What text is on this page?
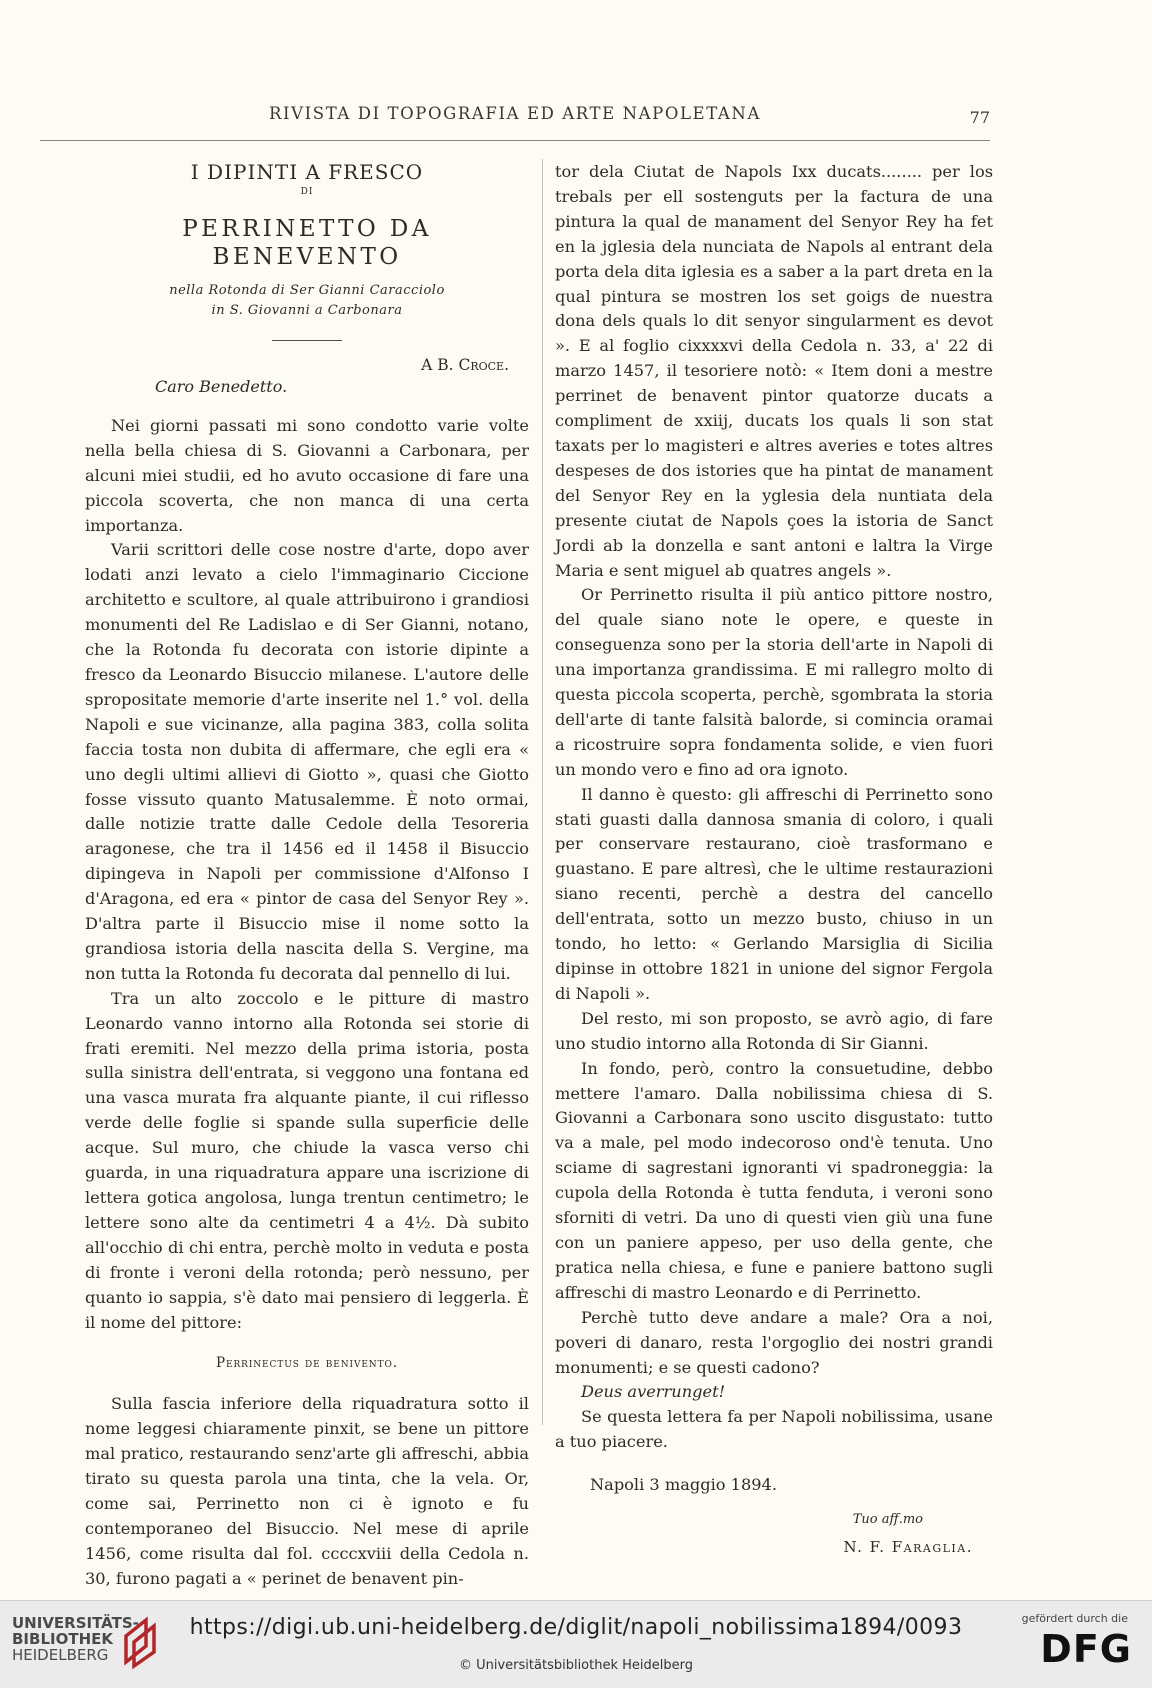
RIVISTA DI TOPOGRAFIA ED ARTE NAPOLETANA	77
I DIPINTI A FRESCO
DI
PERRINETTO DA BENEVENTO
nella Rotonda di Ser Gianni Caracciolo
in S. Giovanni a Carbonara

A B. Croce.

Caro Benedetto.

Nei giorni passati mi sono condotto varie volte nella bella chiesa di S. Giovanni a Carbonara, per alcuni miei studii, ed ho avuto occasione di fare una piccola scoverta, che non manca di una certa importanza.

Varii scrittori delle cose nostre d'arte, dopo aver lodati anzi levato a cielo l'immaginario Ciccione architetto e scultore, al quale attribuirono i grandiosi monumenti del Re Ladislao e di Ser Gianni, notano, che la Rotonda fu decorata con istorie dipinte a fresco da Leonardo Bisuccio milanese. L'autore delle spropositate memorie d'arte inserite nel 1.° vol. della Napoli e sue vicinanze, alla pagina 383, colla solita faccia tosta non dubita di affermare, che egli era « uno degli ultimi allievi di Giotto », quasi che Giotto fosse vissuto quanto Matusalemme. È noto ormai, dalle notizie tratte dalle Cedole della Tesoreria aragonese, che tra il 1456 ed il 1458 il Bisuccio dipingeva in Napoli per commissione d'Alfonso I d'Aragona, ed era « pintor de casa del Senyor Rey ». D'altra parte il Bisuccio mise il nome sotto la grandiosa istoria della nascita della S. Vergine, ma non tutta la Rotonda fu decorata dal pennello di lui.

Tra un alto zoccolo e le pitture di mastro Leonardo vanno intorno alla Rotonda sei storie di frati eremiti. Nel mezzo della prima istoria, posta sulla sinistra dell'entrata, si veggono una fontana ed una vasca murata fra alquante piante, il cui riflesso verde delle foglie si spande sulla superficie delle acque. Sul muro, che chiude la vasca verso chi guarda, in una riquadratura appare una iscrizione di lettera gotica angolosa, lunga trentun centimetro; le lettere sono alte da centimetri 4 a 4½. Dà subito all'occhio di chi entra, perchè molto in veduta e posta di fronte i veroni della rotonda; però nessuno, per quanto io sappia, s'è dato mai pensiero di leggerla. È il nome del pittore:

Perrinectus de benivento.

Sulla fascia inferiore della riquadratura sotto il nome leggesi chiaramente pinxit, se bene un pittore mal pratico, restaurando senz'arte gli affreschi, abbia tirato su questa parola una tinta, che la vela. Or, come sai, Perrinetto non ci è ignoto e fu contemporaneo del Bisuccio. Nel mese di aprile 1456, come risulta dal fol. ccccxviii della Cedola n. 30, furono pagati a « perinet de benavent pin-

tor dela Ciutat de Napols Ixx ducats........ per los trebals per ell sostenguts per la factura de una pintura la qual de manament del Senyor Rey ha fet en la jglesia dela nunciata de Napols al entrant dela porta dela dita iglesia es a saber a la part dreta en la qual pintura se mostren los set goigs de nuestra dona dels quals lo dit senyor singularment es devot ». E al foglio cixxxxvi della Cedola n. 33, a' 22 di marzo 1457, il tesoriere notò: « Item doni a mestre perrinet de benavent pintor quatorze ducats a compliment de xxiij, ducats los quals li son stat taxats per lo magisteri e altres averies e totes altres despeses de dos istories que ha pintat de manament del Senyor Rey en la yglesia dela nuntiata dela presente ciutat de Napols çoes la istoria de Sanct Jordi ab la donzella e sant antoni e laltra la Virge Maria e sent miguel ab quatres angels ».

Or Perrinetto risulta il più antico pittore nostro, del quale siano note le opere, e queste in conseguenza sono per la storia dell'arte in Napoli di una importanza grandissima. E mi rallegro molto di questa piccola scoperta, perchè, sgombrata la storia dell'arte di tante falsità balorde, si comincia oramai a ricostruire sopra fondamenta solide, e vien fuori un mondo vero e fino ad ora ignoto.

Il danno è questo: gli affreschi di Perrinetto sono stati guasti dalla dannosa smania di coloro, i quali per conservare restaurano, cioè trasformano e guastano. E pare altresì, che le ultime restaurazioni siano recenti, perchè a destra del cancello dell'entrata, sotto un mezzo busto, chiuso in un tondo, ho letto: « Gerlando Marsiglia di Sicilia dipinse in ottobre 1821 in unione del signor Fergola di Napoli ».

Del resto, mi son proposto, se avrò agio, di fare uno studio intorno alla Rotonda di Sir Gianni.

In fondo, però, contro la consuetudine, debbo mettere l'amaro. Dalla nobilissima chiesa di S. Giovanni a Carbonara sono uscito disgustato: tutto va a male, pel modo indecoroso ond'è tenuta. Uno sciame di sagrestani ignoranti vi spadroneggia: la cupola della Rotonda è tutta fenduta, i veroni sono sforniti di vetri. Da uno di questi vien giù una fune con un paniere appeso, per uso della gente, che pratica nella chiesa, e fune e paniere battono sugli affreschi di mastro Leonardo e di Perrinetto.

Perchè tutto deve andare a male? Ora a noi, poveri di danaro, resta l'orgoglio dei nostri grandi monumenti; e se questi cadono?

Deus averrunget!

Se questa lettera fa per Napoli nobilissima, usane a tuo piacere.

Napoli 3 maggio 1894.

Tuo aff.mo

N. F. Faraglia.

UNIVERSITÄTS-
BIBLIOTHEK
HEIDELBERG
https://digi.ub.uni-heidelberg.de/diglit/napoli_nobilissima1894/0093
© Universitätsbibliothek Heidelberg
gefördert durch die
DFG
